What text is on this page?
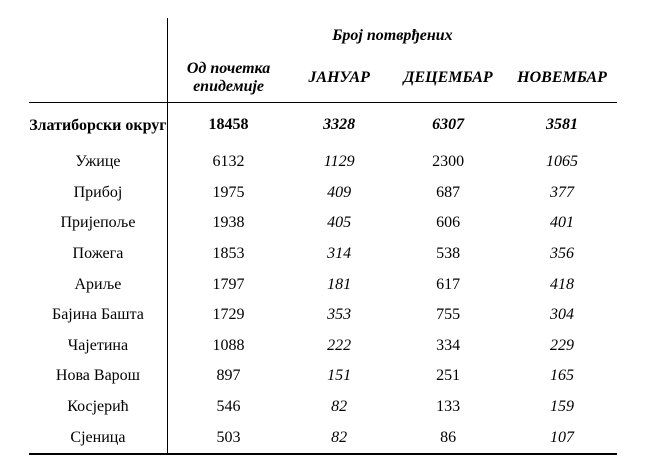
	Број потврђених			
	Од почетка епидемије	ЈАНУАР	ДЕЦЕМБАР	НОВЕМБАР
Златиборски округ	18458	3328	6307	3581
Ужице	6132	1129	2300	1065
Прибој	1975	409	687	377
Пријепоље	1938	405	606	401
Пожега	1853	314	538	356
Ариље	1797	181	617	418
Бајина Башта	1729	353	755	304
Чајетина	1088	222	334	229
Нова Варош	897	151	251	165
Косјерић	546	82	133	159
Сјеница	503	82	86	107
